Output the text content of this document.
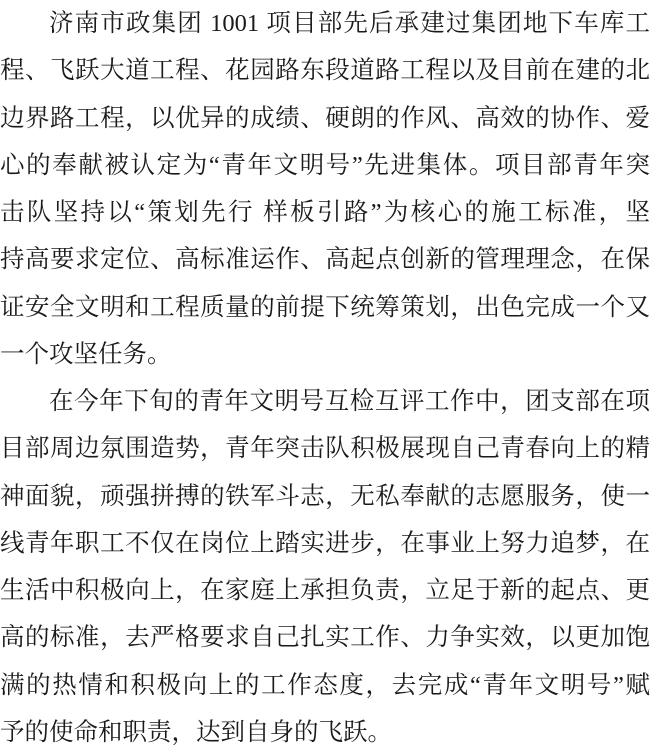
济南市政集团 1001 项目部先后承建过集团地下车库工
程、飞跃大道工程、花园路东段道路工程以及目前在建的北
边界路工程，以优异的成绩、硬朗的作风、高效的协作、爱
心的奉献被认定为“青年文明号”先进集体。项目部青年突
击队坚持以“策划先行 样板引路”为核心的施工标准，坚
持高要求定位、高标准运作、高起点创新的管理理念，在保
证安全文明和工程质量的前提下统筹策划，出色完成一个又
一个攻坚任务。
在今年下旬的青年文明号互检互评工作中，团支部在项
目部周边氛围造势，青年突击队积极展现自己青春向上的精
神面貌，顽强拼搏的铁军斗志，无私奉献的志愿服务，使一
线青年职工不仅在岗位上踏实进步，在事业上努力追梦，在
生活中积极向上，在家庭上承担负责，立足于新的起点、更
高的标准，去严格要求自己扎实工作、力争实效，以更加饱
满的热情和积极向上的工作态度，去完成“青年文明号”赋
予的使命和职责，达到自身的飞跃。
